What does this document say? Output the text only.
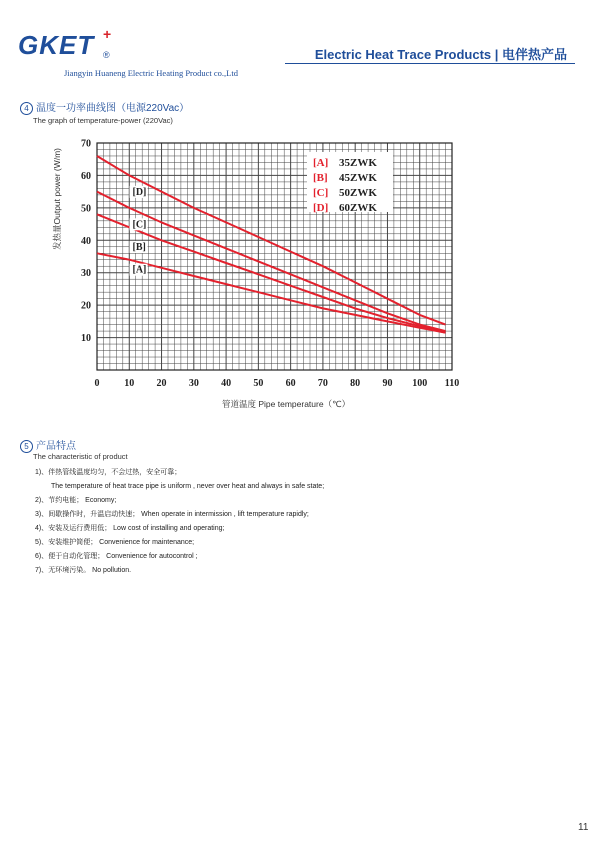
GKET +
®
Jiangyin Huaneng Electric Heating Product co.,Ltd
Electric Heat Trace Products | 电伴热产品
4 温度一功率曲线图（电源220Vac）
The graph of temperature-power (220Vac)
0 10 20 30 40 50 60 70 80 90 100 110
10
20
30
40
50
60
70
[A]
[B]
[C]
[D]
[A] 35ZWK
[B] 45ZWK
[C] 50ZWK
[D] 60ZWK
发热量Output power (W/m)
管道温度 Pipe temperature（℃）
5 产品特点
The characteristic of product
1)、伴热管线温度均匀，不会过热，安全可靠；
The temperature of heat trace pipe is uniform , never over heat and always in safe state;
2)、节约电能； Economy;
3)、间歇操作时，升温启动快速； When operate in intermission , lift temperature rapidly;
4)、安装及运行费用低； Low cost of installing and operating;
5)、安装维护简便； Convenience for maintenance;
6)、便于自动化管理； Convenience for autocontrol ;
7)、无环境污染。 No pollution.
11
